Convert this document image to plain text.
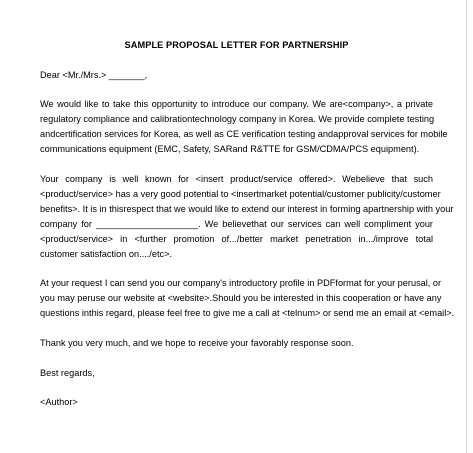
SAMPLE PROPOSAL LETTER FOR PARTNERSHIP
Dear <Mr./Mrs.> _______,
We would like to take this opportunity to introduce our company. We are<company>, a private
regulatory compliance and calibrationtechnology company in Korea. We provide complete testing
andcertification services for Korea, as well as CE verification testing andapproval services for mobile
communications equipment (EMC, Safety, SARand R&TTE for GSM/CDMA/PCS equipment).
Your company is well known for <insert product/service offered>. Webelieve that such
<product/service> has a very good potential to <insertmarket potential/customer publicity/customer
benefits>. It is in thisrespect that we would like to extend our interest in forming apartnership with your
company for ____________________. We believethat our services can well compliment your
<product/service> in <further promotion of.../better market penetration in.../improve total
customer satisfaction on..../etc>.
At your request I can send you our company's introductory profile in PDFformat for your perusal, or
you may peruse our website at <website>.Should you be interested in this cooperation or have any
questions inthis regard, please feel free to give me a call at <telnum> or send me an email at <email>.
Thank you very much, and we hope to receive your favorably response soon.
Best regards,
<Author>
